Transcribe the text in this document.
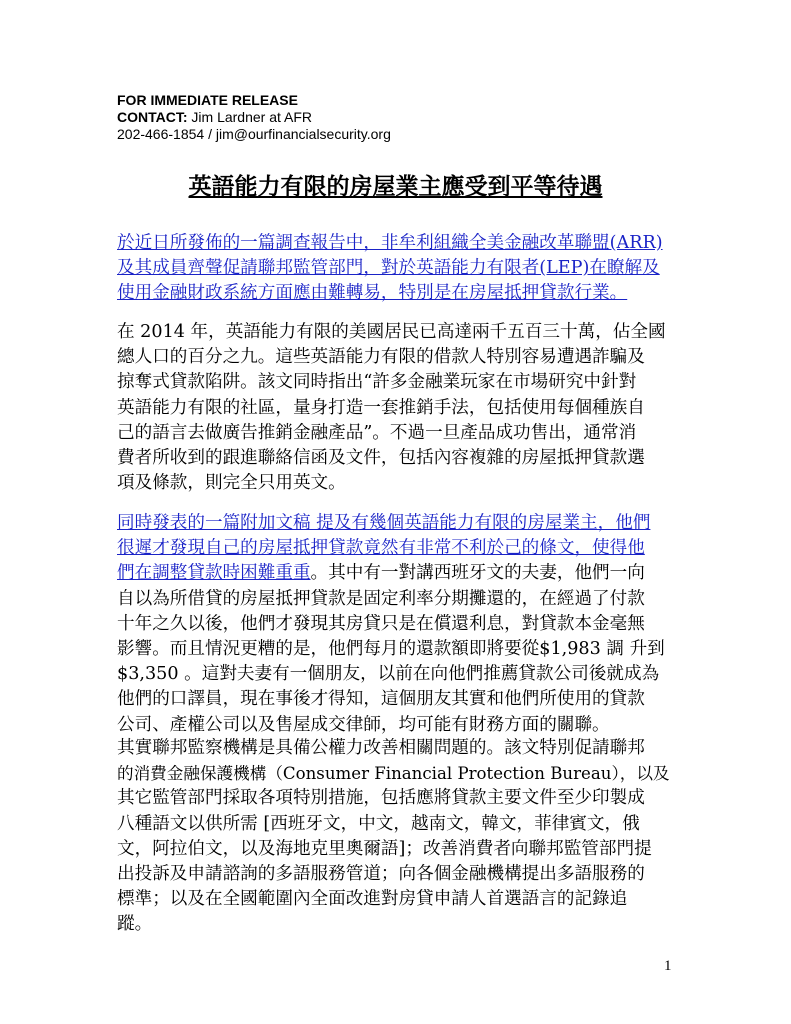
FOR IMMEDIATE RELEASE
CONTACT: Jim Lardner at AFR
202-466-1854 / jim@ourfinancialsecurity.org
英語能力有限的房屋業主應受到平等待遇
於近日所發佈的一篇調查報告中，非牟利組織全美金融改革聯盟(ARR)
及其成員齊聲促請聯邦監管部門，對於英語能力有限者(LEP)在瞭解及
使用金融財政系統方面應由難轉易，特別是在房屋抵押貸款行業。
在 2014 年，英語能力有限的美國居民已高達兩千五百三十萬，佔全國
總人口的百分之九。這些英語能力有限的借款人特別容易遭遇詐騙及
掠奪式貸款陷阱。該文同時指出“許多金融業玩家在市場研究中針對
英語能力有限的社區，量身打造一套推銷手法，包括使用每個種族自
己的語言去做廣告推銷金融產品”。不過一旦產品成功售出，通常消
費者所收到的跟進聯絡信函及文件，包括內容複雜的房屋抵押貸款選
項及條款，則完全只用英文。
同時發表的一篇附加文稿 提及有幾個英語能力有限的房屋業主，他們
很遲才發現自己的房屋抵押貸款竟然有非常不利於己的條文，使得他
們在調整貸款時困難重重。其中有一對講西班牙文的夫妻，他們一向
自以為所借貸的房屋抵押貸款是固定利率分期攤還的，在經過了付款
十年之久以後，他們才發現其房貸只是在償還利息，對貸款本金毫無
影響。而且情況更糟的是，他們每月的還款額即將要從$1,983 調 升到
$3,350 。這對夫妻有一個朋友，以前在向他們推薦貸款公司後就成為
他們的口譯員，現在事後才得知，這個朋友其實和他們所使用的貸款
公司、產權公司以及售屋成交律師，均可能有財務方面的關聯。
其實聯邦監察機構是具備公權力改善相關問題的。該文特別促請聯邦
的消費金融保護機構（Consumer Financial Protection Bureau），以及
其它監管部門採取各項特別措施，包括應將貸款主要文件至少印製成
八種語文以供所需 [西班牙文，中文，越南文，韓文，菲律賓文，俄
文，阿拉伯文，以及海地克里奧爾語]；改善消費者向聯邦監管部門提
出投訴及申請諮詢的多語服務管道；向各個金融機構提出多語服務的
標準；以及在全國範圍內全面改進對房貸申請人首選語言的記錄追
蹤。
1
